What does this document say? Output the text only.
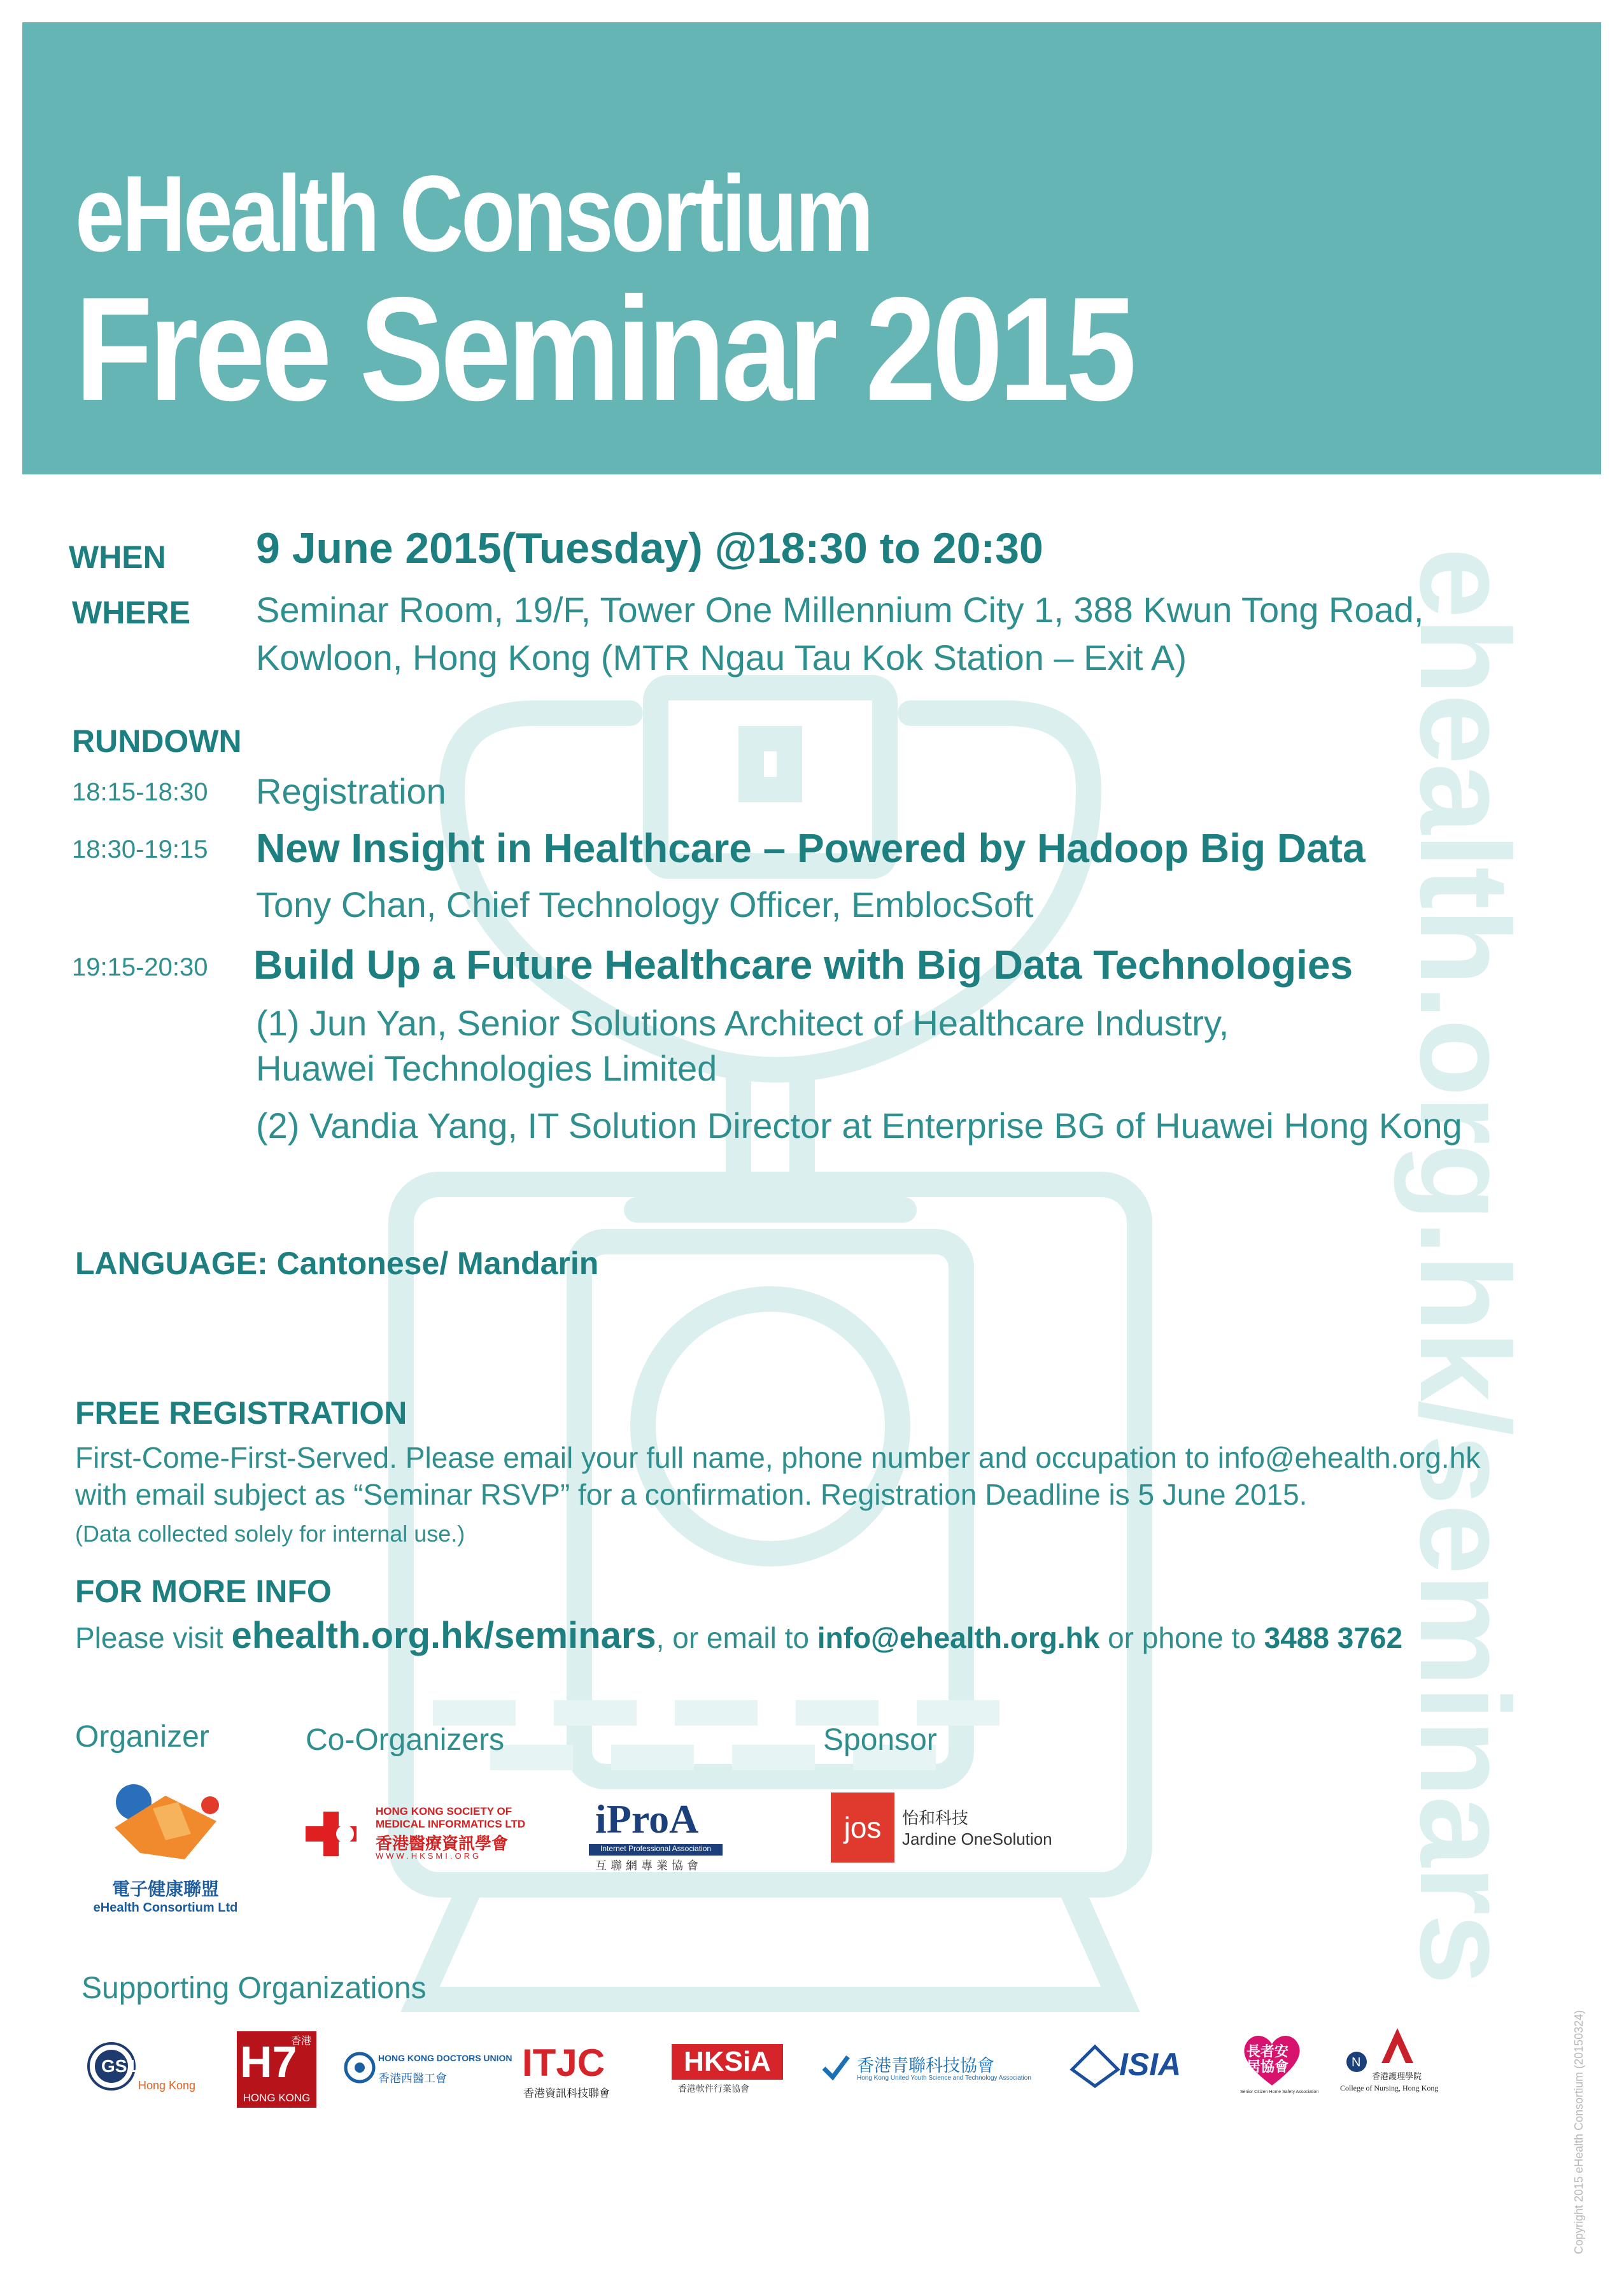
eHealth Consortium
Free Seminar 2015
ehealth.org.hk/seminars
WHEN 9 June 2015(Tuesday) @18:30 to 20:30
WHERE Seminar Room, 19/F, Tower One Millennium City 1, 388 Kwun Tong Road,
Kowloon, Hong Kong (MTR Ngau Tau Kok Station – Exit A)
RUNDOWN
18:15-18:30 Registration
18:30-19:15 New Insight in Healthcare – Powered by Hadoop Big Data
Tony Chan, Chief Technology Officer, EmblocSoft
19:15-20:30 Build Up a Future Healthcare with Big Data Technologies
(1) Jun Yan, Senior Solutions Architect of Healthcare Industry,
Huawei Technologies Limited
(2) Vandia Yang, IT Solution Director at Enterprise BG of Huawei Hong Kong
LANGUAGE: Cantonese/ Mandarin
FREE REGISTRATION
First-Come-First-Served. Please email your full name, phone number and occupation to info@ehealth.org.hk
with email subject as “Seminar RSVP” for a confirmation. Registration Deadline is 5 June 2015.
(Data collected solely for internal use.)
FOR MORE INFO
Please visit ehealth.org.hk/seminars, or email to info@ehealth.org.hk or phone to 3488 3762
Organizer	Co-Organizers	Sponsor
電子健康聯盟
eHealth Consortium Ltd
HONG KONG SOCIETY OF
MEDICAL INFORMATICS LTD
香港醫療資訊學會
WWW.HKSMI.ORG
iProA
Internet Professional Association
互聯網專業協會
jos	怡和科技
Jardine OneSolution
Supporting Organizations
GS1
Hong Kong H7
香港
HONG KONG
HONG KONG DOCTORS UNION
香港西醫工會 ITJC
香港資訊科技聯會
HKSiA
香港軟件行業協會
香港青聯科技協會
Hong Kong United Youth Science and Technology Association	ISIA	長者安居協會
Senior Citizen Home Safety Association
N
香港護理學院
College of Nursing, Hong Kong	Copyright 2015 eHealth Consortium (20150324)
